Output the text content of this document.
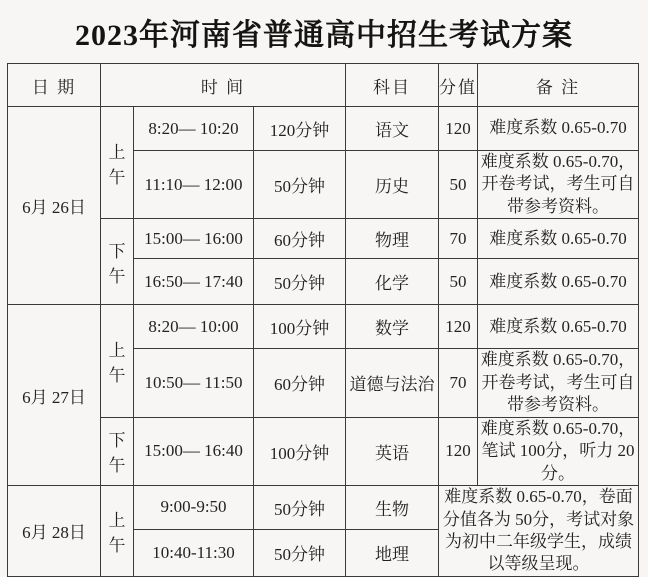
2023年河南省普通高中招生考试方案
日 期	时 间			科目	分值	备 注
6月 26日	上午	8:20— 10:20	120分钟	语文	120	难度系数 0.65-0.70
		11:10— 12:00	50分钟	历史	50	难度系数 0.65-0.70，开卷考试，考生可自带参考资料。
	下午	15:00— 16:00	60分钟	物理	70	难度系数 0.65-0.70
		16:50— 17:40	50分钟	化学	50	难度系数 0.65-0.70
6月 27日	上午	8:20— 10:00	100分钟	数学	120	难度系数 0.65-0.70
		10:50— 11:50	60分钟	道德与法治	70	难度系数 0.65-0.70，开卷考试，考生可自带参考资料。
	下午	15:00— 16:40	100分钟	英语	120	难度系数 0.65-0.70，笔试 100分，听力 20分。
6月 28日	上午	9:00-9:50	50分钟	生物	难度系数 0.65-0.70，卷面分值各为 50分，考试对象为初中二年级学生，成绩以等级呈现。	
		10:40-11:30	50分钟	地理		
